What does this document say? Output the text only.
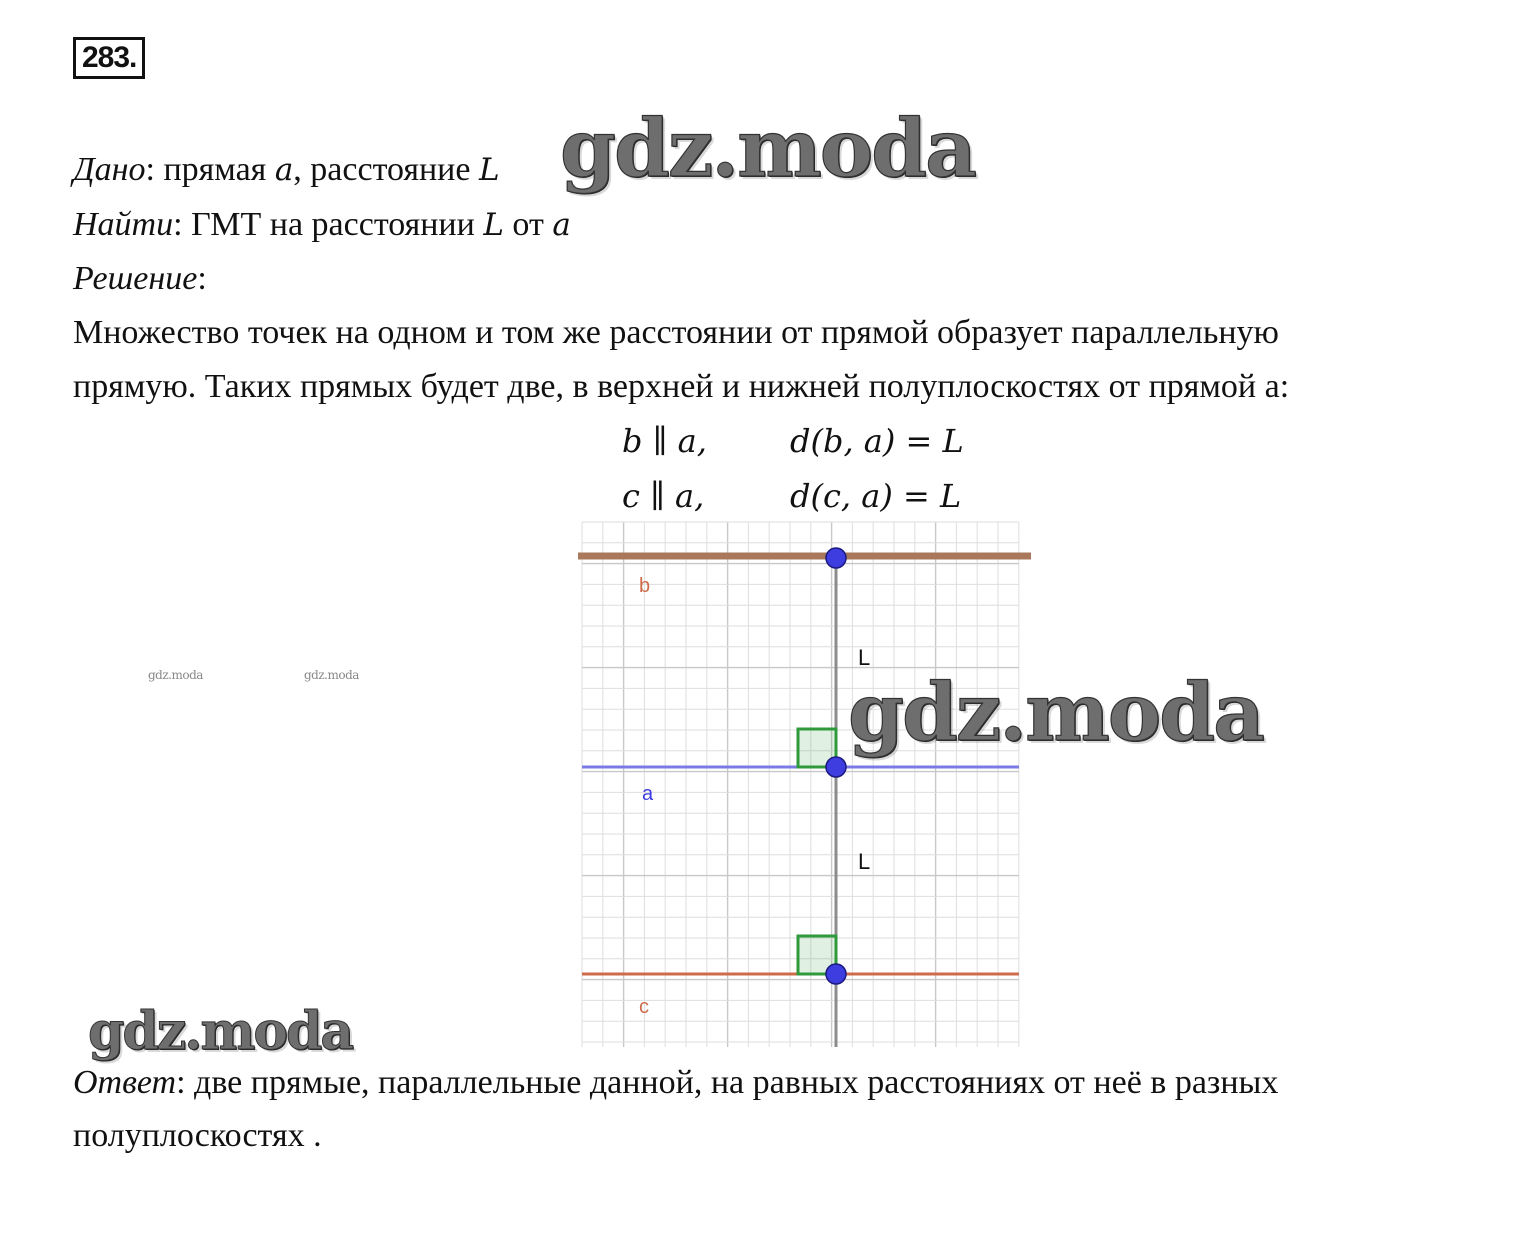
283.
Дано: прямая a, расстояние L
Найти: ГМТ на расстоянии L от a
Решение:
Множество точек на одном и том же расстоянии от прямой образует параллельную
прямую. Таких прямых будет две, в верхней и нижней полуплоскостях от прямой a:
b ∥ a,	d(b, a) = L
c ∥ a,	d(c, a) = L
b
a
c
L
L
Ответ: две прямые, параллельные данной, на равных расстояниях от неё в разных
полуплоскостях .
gdz.moda
gdz.moda
gdz.moda
gdz.moda	gdz.moda
